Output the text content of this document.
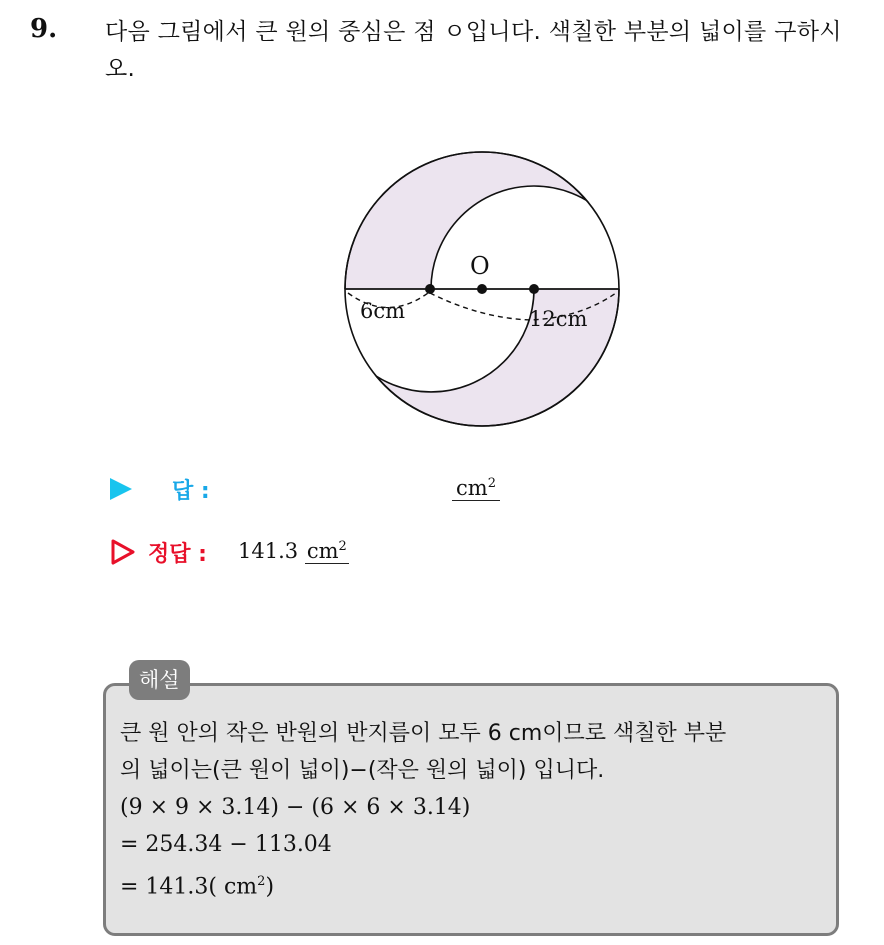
9. 다음 그림에서 큰 원의 중심은 점 ㅇ입니다. 색칠한 부분의 넓이를 구하시오.
O
6cm	12cm
답 :	$cm^2$
정답 : 141.3 $cm^2$
해설
큰 원 안의 작은 반원의 반지름이 모두 6 cm이므로 색칠한 부분
의 넓이는(큰 원이 넓이)−(작은 원의 넓이) 입니다.
(9 × 9 × 3.14) − (6 × 6 × 3.14)
= 254.34 − 113.04
= 141.3( $cm^2$)
